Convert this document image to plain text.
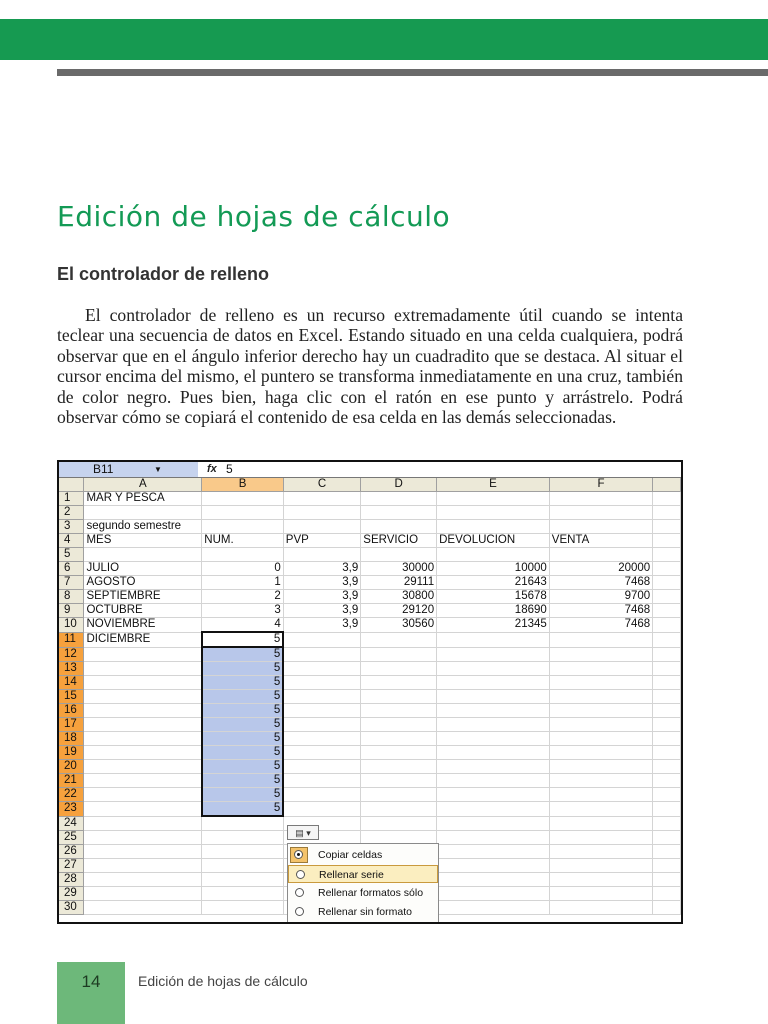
Edición de hojas de cálculo
El controlador de relleno

El controlador de relleno es un recurso extremadamente útil cuando se intenta teclear una secuencia de datos en Excel. Estando situado en una celda cualquiera, podrá observar que en el ángulo inferior derecho hay un cuadradito que se destaca. Al situar el cursor encima del mismo, el puntero se transforma inmediatamente en una cruz, también de color negro. Pues bien, haga clic con el ratón en ese punto y arrástrelo. Podrá observar cómo se copiará el contenido de esa celda en las demás seleccionadas.

B11	▼	fx 5
	A	B	C	D	E	F	
1	MAR Y PESCA						
2							
3	segundo semestre						
4	MES	NUM.	PVP	SERVICIO	DEVOLUCIÓN	VENTA	
5							
6	JULIO	0	3,9	30000	10000	20000	
7	AGOSTO	1	3,9	29111	21643	7468	
8	SEPTIEMBRE	2	3,9	30800	15678	9700	
9	OCTUBRE	3	3,9	29120	18690	7468	
10	NOVIEMBRE	4	3,9	30560	21345	7468	
11	DICIEMBRE	5					
12		5					
13		5					
14		5					
15		5					
16		5					
17		5					
18		5					
19		5					
20		5					
21		5					
22		5					
23		5					
24							
25							
26							
27							
28							
29							
30							
▤ ▾
Copiar celdas
Rellenar serie
Rellenar formatos sólo
Rellenar sin formato
14	Edición de hojas de cálculo
